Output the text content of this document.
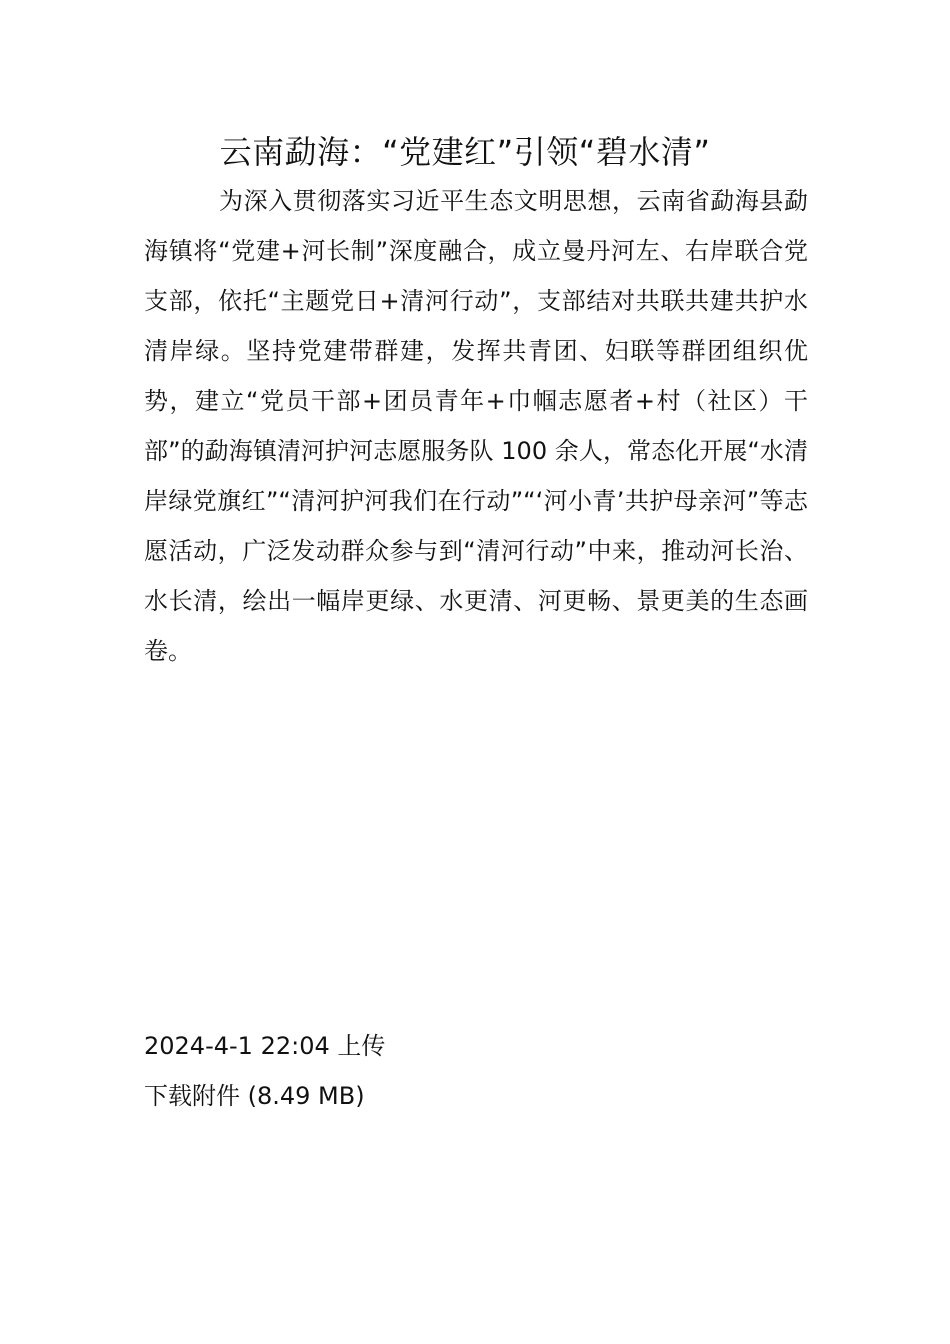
云南勐海：“党建红”引领“碧水清”

为深入贯彻落实习近平生态文明思想，云南省勐海县勐海镇将“党建+河长制”深度融合，成立曼丹河左、右岸联合党支部，依托“主题党日+清河行动”，支部结对共联共建共护水清岸绿。坚持党建带群建，发挥共青团、妇联等群团组织优势，建立“党员干部+团员青年+巾帼志愿者+村（社区）干部”的勐海镇清河护河志愿服务队 100 余人，常态化开展“水清岸绿党旗红”“清河护河我们在行动”“‘河小青’共护母亲河”等志愿活动，广泛发动群众参与到“清河行动”中来，推动河长治、水长清，绘出一幅岸更绿、水更清、河更畅、景更美的生态画卷。

2024-4-1 22:04 上传
下载附件 (8.49 MB)
